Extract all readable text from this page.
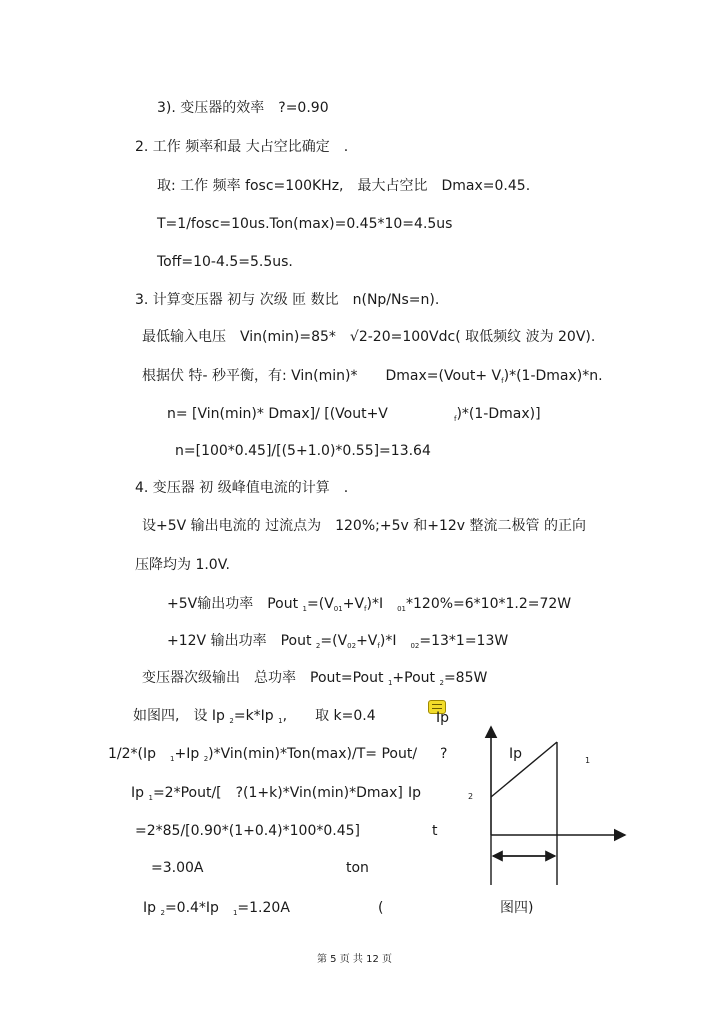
3). 变压器的效率　?=0.90
2. 工作 频率和最 大占空比确定　.
取: 工作 频率 fosc=100KHz,　最大占空比　Dmax=0.45.
T=1/fosc=10us.Ton(max)=0.45*10=4.5us
Toff=10-4.5=5.5us.
3. 计算变压器 初与 次级 匝 数比　n(Np/Ns=n).
最低输入电压　Vin(min)=85*　√2-20=100Vdc( 取低频纹 波为 20V).
根据伏 特- 秒平衡，有: Vin(min)*　　Dmax=(Vout+ $V_f)*(1-Dmax)*n$.
n= [Vin(min)* Dmax]/ [(Vout+V	$_f$)*(1-Dmax)]
n=[100*0.45]/[(5+1.0)*0.55]=13.64
4. 变压器 初 级峰值电流的计算　.
设+5V 输出电流的 过流点为　120%;+5v 和+12v 整流二极管 的正向
压降均为 1.0V.
+5V输出功率　Pout $_1=(V_{01}+V_f)*I$　$_{01}$*120%=6*10*1.2=72W
+12V 输出功率　Pout $_2=(V_{02}+V_f)*I$　$_{02}$=13*1=13W
变压器次级输出　总功率　Pout=Pout $_1$+Pout $_2$=85W
如图四,　设 Ip $_2$=k*Ip $_1$,　　取 k=0.4	Ip
1/2*(Ip　$_1$+Ip $_2$)*Vin(min)*Ton(max)/T= Pout/ ?
Ip $_1$=2*Pout/[　?(1+k)*Vin(min)*Dmax] Ip
=2*85/[0.90*(1+0.4)*100*0.45]
=3.00A
Ip $_2$=0.4*Ip　$_1$=1.20A	(	图四)
Ip	1
2
t
ton
第 5 页 共 12 页
